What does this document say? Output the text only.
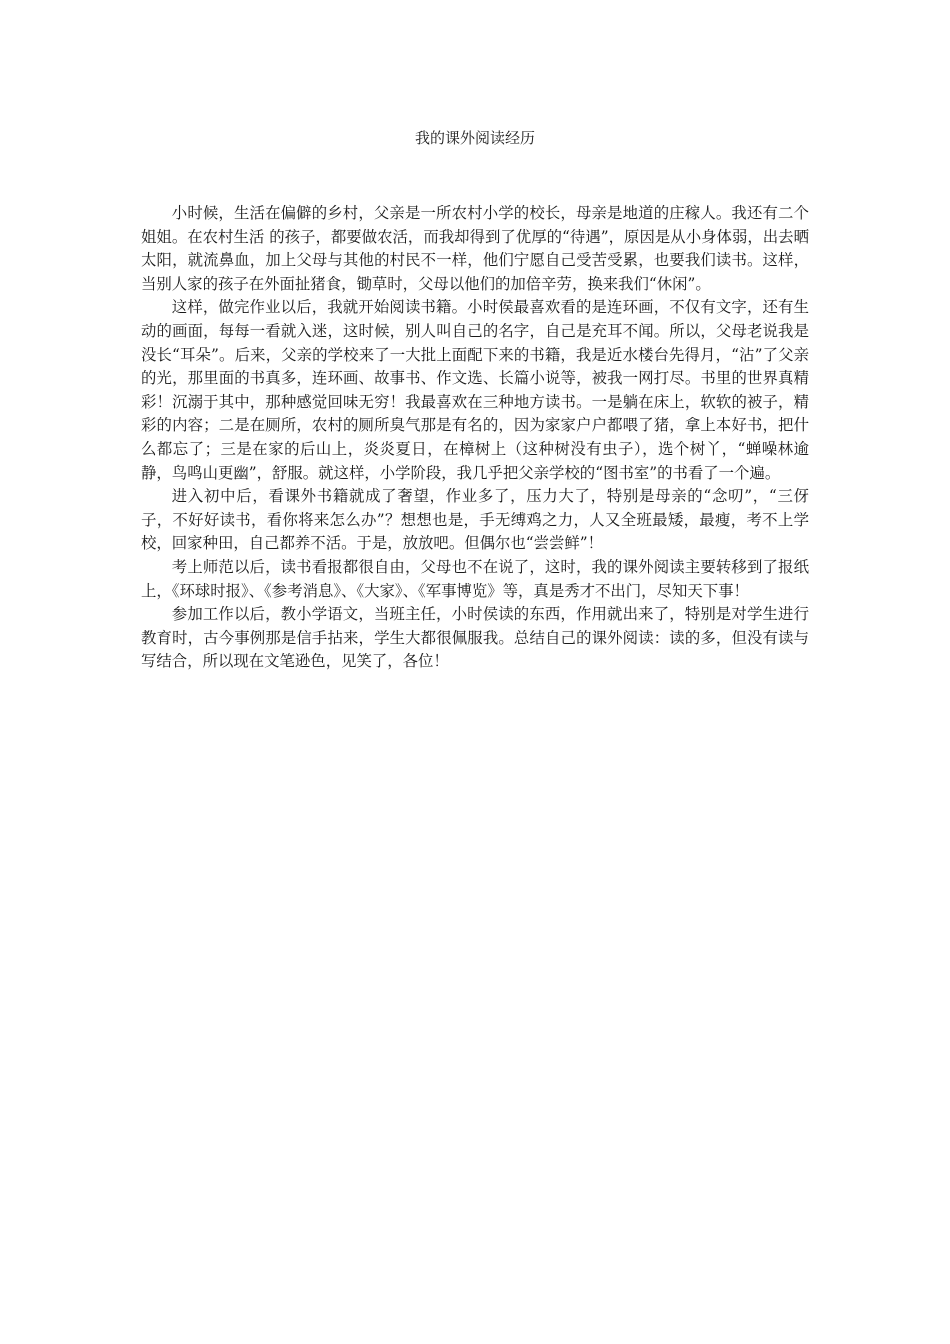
我的课外阅读经历

小时候，生活在偏僻的乡村，父亲是一所农村小学的校长，母亲是地道的庄稼人。我还有二个姐姐。在农村生活 的孩子，都要做农活，而我却得到了优厚的“待遇”，原因是从小身体弱，出去晒太阳，就流鼻血，加上父母与其他的村民不一样，他们宁愿自己受苦受累，也要我们读书。这样，当别人家的孩子在外面扯猪食，锄草时，父母以他们的加倍辛劳，换来我们“休闲”。

这样，做完作业以后，我就开始阅读书籍。小时侯最喜欢看的是连环画，不仅有文字，还有生动的画面，每每一看就入迷，这时候，别人叫自己的名字，自己是充耳不闻。所以，父母老说我是没长“耳朵”。后来，父亲的学校来了一大批上面配下来的书籍，我是近水楼台先得月，“沾”了父亲的光，那里面的书真多，连环画、故事书、作文选、长篇小说等，被我一网打尽。书里的世界真精彩！沉溺于其中，那种感觉回味无穷！我最喜欢在三种地方读书。一是躺在床上，软软的被子，精彩的内容；二是在厕所，农村的厕所臭气那是有名的，因为家家户户都喂了猪，拿上本好书，把什么都忘了；三是在家的后山上，炎炎夏日，在樟树上（这种树没有虫子），选个树丫，“蝉噪林逾静，鸟鸣山更幽”，舒服。就这样，小学阶段，我几乎把父亲学校的“图书室”的书看了一个遍。

进入初中后，看课外书籍就成了奢望，作业多了，压力大了，特别是母亲的“念叨”，“三伢子，不好好读书，看你将来怎么办”？想想也是，手无缚鸡之力，人又全班最矮，最瘦，考不上学校，回家种田，自己都养不活。于是，放放吧。但偶尔也“尝尝鲜”！

考上师范以后，读书看报都很自由，父母也不在说了，这时，我的课外阅读主要转移到了报纸上，《环球时报》、《参考消息》、《大家》、《军事博览》等，真是秀才不出门，尽知天下事！

参加工作以后，教小学语文，当班主任，小时侯读的东西，作用就出来了，特别是对学生进行教育时，古今事例那是信手拈来，学生大都很佩服我。总结自己的课外阅读：读的多，但没有读与写结合，所以现在文笔逊色，见笑了，各位！
